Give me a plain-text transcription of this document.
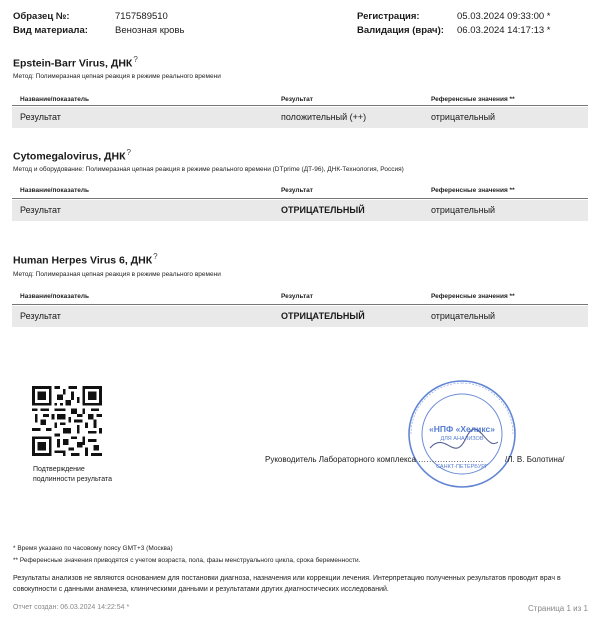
Образец №:	7157589510
Вид материала:	Венозная кровь
Регистрация:	05.03.2024 09:33:00 *
Валидация (врач): 06.03.2024 14:17:13 *
Epstein-Barr Virus, ДНК?
Метод: Полимеразная цепная реакция в режиме реального времени
Название/показатель	Результат	Референсные значения **
Результат	положительный (++)	отрицательный
Cytomegalovirus, ДНК?
Метод и оборудование: Полимеразная цепная реакция в режиме реального времени (DTprime (ДТ-96), ДНК-Технология, Россия)
Название/показатель	Результат	Референсные значения **
Результат	ОТРИЦАТЕЛЬНЫЙ	отрицательный
Human Herpes Virus 6, ДНК?
Метод: Полимеразная цепная реакция в режиме реального времени
Название/показатель	Результат	Референсные значения **
Результат	ОТРИЦАТЕЛЬНЫЙ	отрицательный
Подтверждение
подлинности результата
«НПФ «Хеликс»
ДЛЯ АНАЛИЗОВ
САНКТ-ПЕТЕРБУРГ
Руководитель Лабораторного комплекса ........................	/Л. В. Болотина/
* Время указано по часовому поясу GMT+3 (Москва)
** Референсные значения приводятся с учетом возраста, пола, фазы менструального цикла, срока беременности.
Результаты анализов не являются основанием для постановки диагноза, назначения или коррекции лечения. Интерпретацию полученных результатов проводит врач в совокупности с данными анамнеза, клиническими данными и результатами других диагностических исследований.
Отчет создан: 06.03.2024 14:22:54 *	Страница 1 из 1
